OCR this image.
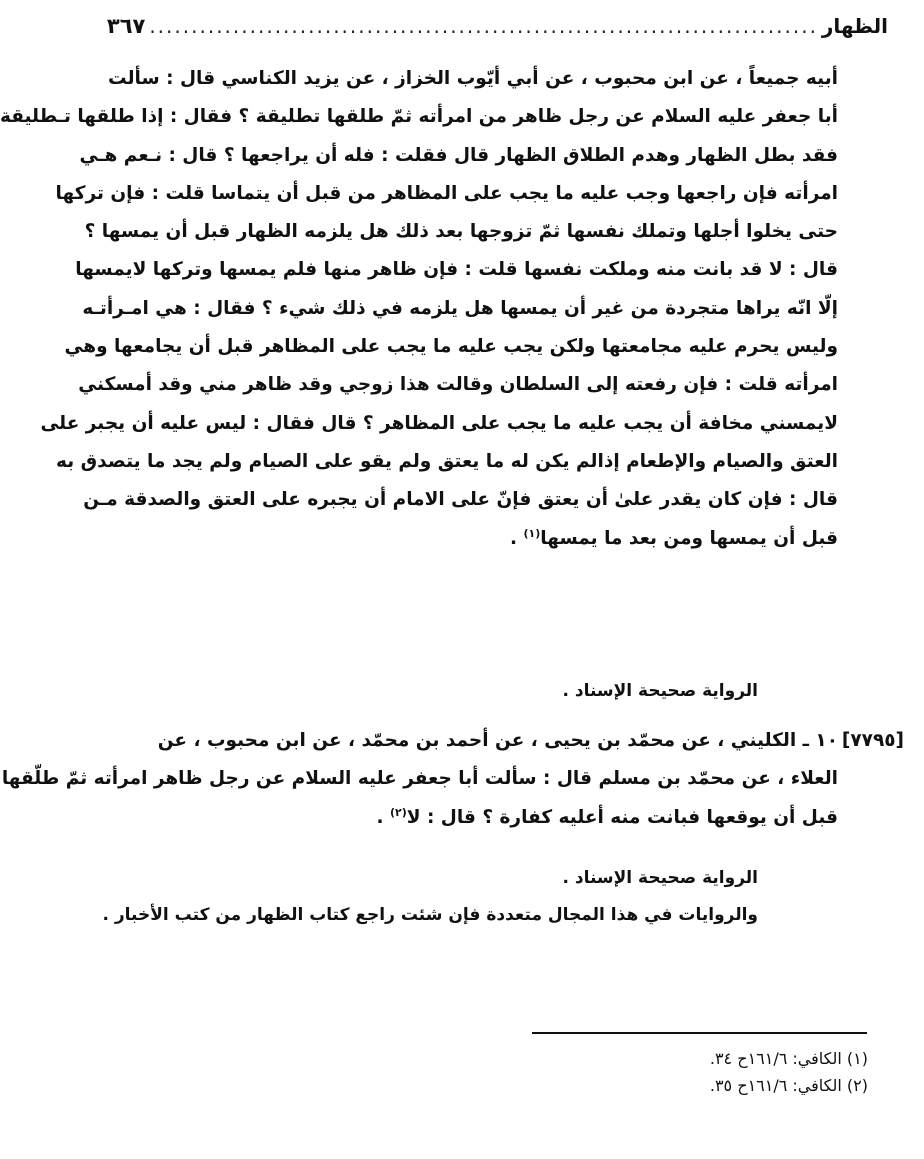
الظهار
................................................................................
٣٦٧
أبيه جميعاً ، عن ابن محبوب ، عن أبي أيّوب الخزاز ، عن يزيد الكناسي قال : سألت
أبا جعفر عليه السلام عن رجل ظاهر من امرأته ثمّ طلقها تطليقة ؟ فقال : إذا طلقها تـطليقة
فقد بطل الظهار وهدم الطلاق الظهار قال فقلت : فله أن يراجعها ؟ قال : نـعم هـي
امرأته فإن راجعها وجب عليه ما يجب على المظاهر من قبل أن يتماسا قلت : فإن تركها
حتى يخلوا أجلها وتملك نفسها ثمّ تزوجها بعد ذلك هل يلزمه الظهار قبل أن يمسها ؟
قال : لا قد بانت منه وملكت نفسها قلت : فإن ظاهر منها فلم يمسها وتركها لايمسها
إلّا انّه يراها متجردة من غير أن يمسها هل يلزمه في ذلك شيء ؟ فقال : هي امـرأتـه
وليس يحرم عليه مجامعتها ولكن يجب عليه ما يجب على المظاهر قبل أن يجامعها وهي
امرأته قلت : فإن رفعته إلى السلطان وقالت هذا زوجي وقد ظاهر مني وقد أمسكني
لايمسني مخافة أن يجب عليه ما يجب على المظاهر ؟ قال فقال : ليس عليه أن يجبر على
العتق والصيام والإطعام إذالم يكن له ما يعتق ولم يقو على الصيام ولم يجد ما يتصدق به
قال : فإن كان يقدر علىٰ أن يعتق فإنّ على الامام أن يجبره على العتق والصدقة مـن
قبل أن يمسها ومن بعد ما يمسها$^{(١)}$ .
الرواية صحيحة الإسناد .
[٧٧٩٥]
١٠ ـ الكليني ، عن محمّد بن يحيى ، عن أحمد بن محمّد ، عن ابن محبوب ، عن
العلاء ، عن محمّد بن مسلم قال : سألت أبا جعفر عليه السلام عن رجل ظاهر امرأته ثمّ طلّقها
قبل أن يوقعها فبانت منه أعليه كفارة ؟ قال : لا$^{(٢)}$ .
الرواية صحيحة الإسناد .
والروايات في هذا المجال متعددة فإن شئت راجع كتاب الظهار من كتب الأخبار .
(١) الكافي: ١٦١/٦ح ٣٤.
(٢) الكافي: ١٦١/٦ح ٣٥.
